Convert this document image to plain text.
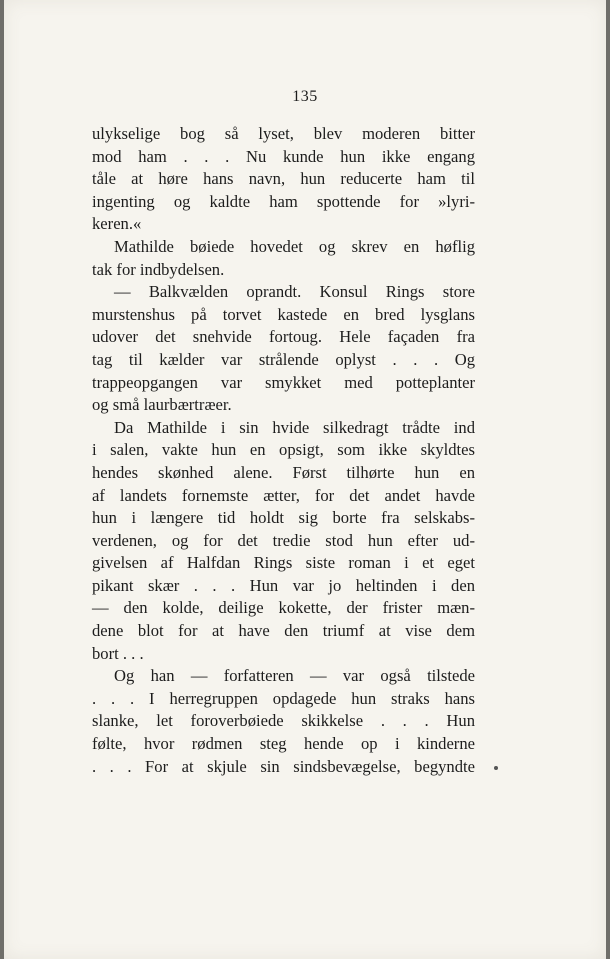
135
ulykselige bog så lyset, blev moderen bitter
mod ham . . . Nu kunde hun ikke engang
tåle at høre hans navn, hun reducerte ham til
ingenting og kaldte ham spottende for »lyri-
keren.«
Mathilde bøiede hovedet og skrev en høflig
tak for indbydelsen.
— Balkvælden oprandt. Konsul Rings store
murstenshus på torvet kastede en bred lysglans
udover det snehvide fortoug. Hele façaden fra
tag til kælder var strålende oplyst . . . Og
trappeopgangen var smykket med potteplanter
og små laurbærtræer.
Da Mathilde i sin hvide silkedragt trådte ind
i salen, vakte hun en opsigt, som ikke skyldtes
hendes skønhed alene. Først tilhørte hun en
af landets fornemste ætter, for det andet havde
hun i længere tid holdt sig borte fra selskabs-
verdenen, og for det tredie stod hun efter ud-
givelsen af Halfdan Rings siste roman i et eget
pikant skær . . . Hun var jo heltinden i den
— den kolde, deilige kokette, der frister mæn-
dene blot for at have den triumf at vise dem
bort . . .
Og han — forfatteren — var også tilstede
. . . I herregruppen opdagede hun straks hans
slanke, let foroverbøiede skikkelse . . . Hun
følte, hvor rødmen steg hende op i kinderne
. . . For at skjule sin sindsbevægelse, begyndte
